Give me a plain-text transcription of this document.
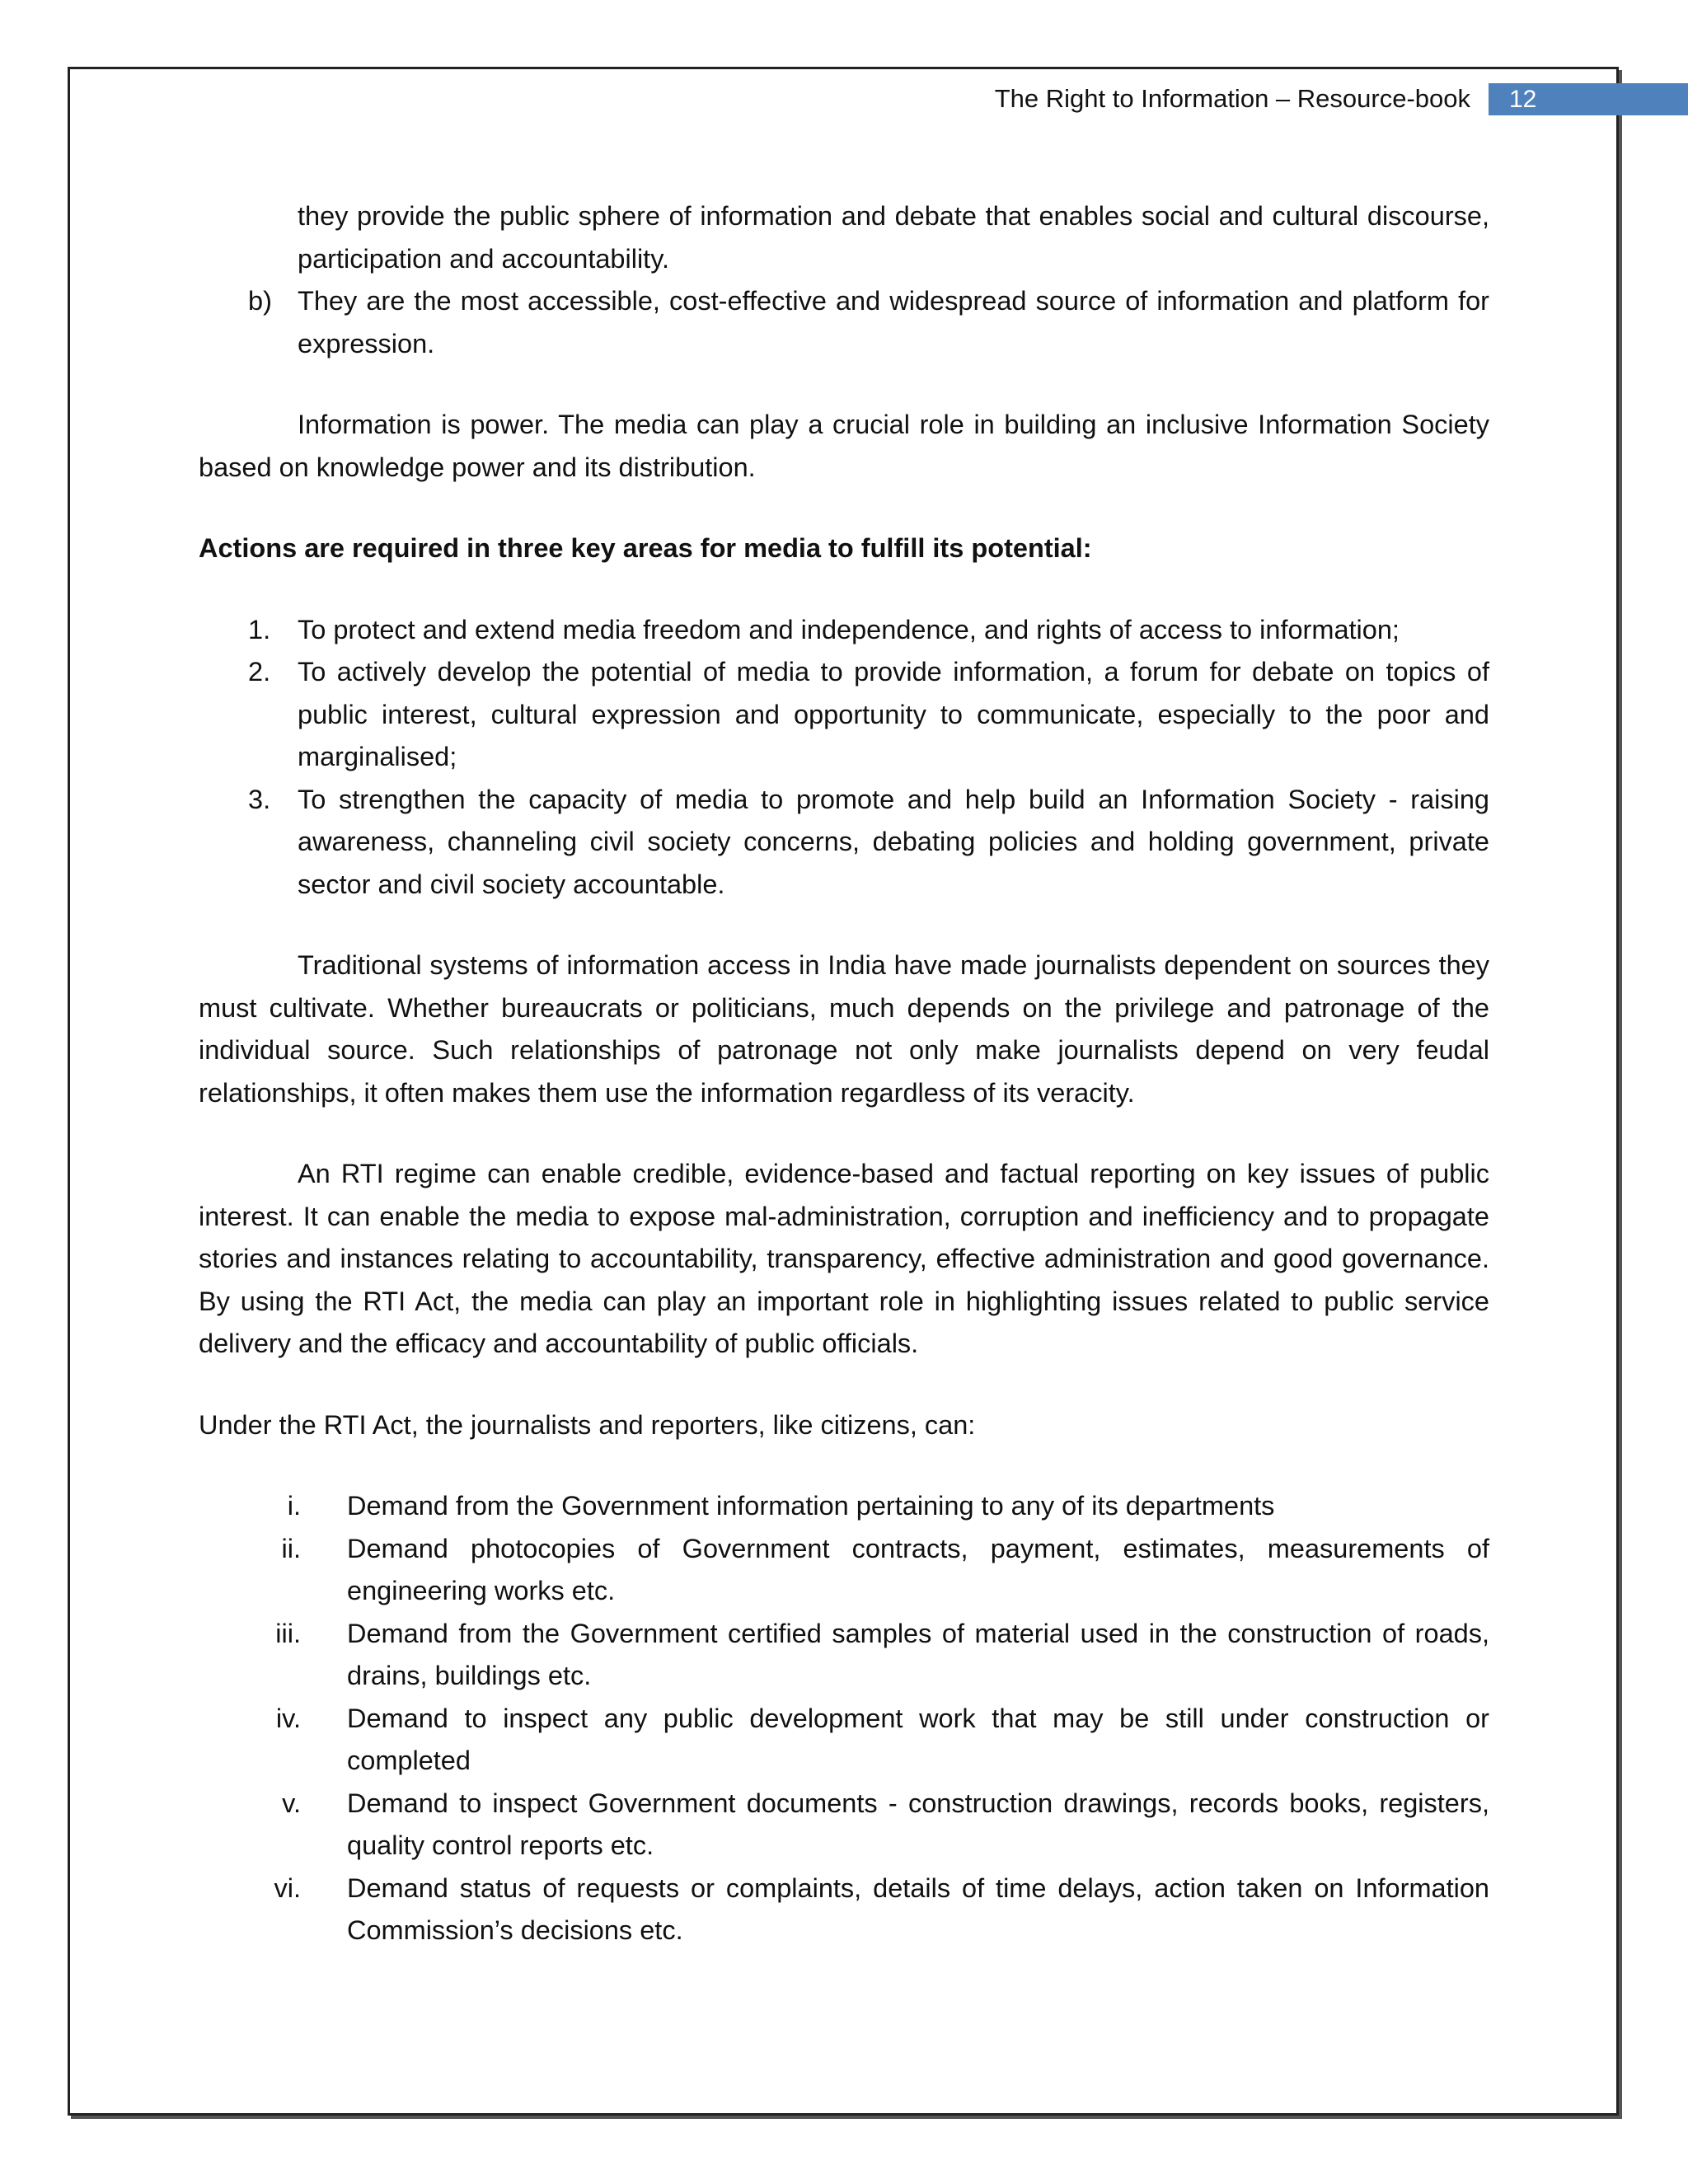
The Right to Information – Resource-book	12

they provide the public sphere of information and debate that enables social and cultural discourse, participation and accountability.

b) They are the most accessible, cost-effective and widespread source of information and platform for expression.

Information is power. The media can play a crucial role in building an inclusive Information Society based on knowledge power and its distribution.

Actions are required in three key areas for media to fulfill its potential:

1. To protect and extend media freedom and independence, and rights of access to information;
2. To actively develop the potential of media to provide information, a forum for debate on topics of public interest, cultural expression and opportunity to communicate, especially to the poor and marginalised;
3. To strengthen the capacity of media to promote and help build an Information Society - raising awareness, channeling civil society concerns, debating policies and holding government, private sector and civil society accountable.

Traditional systems of information access in India have made journalists dependent on sources they must cultivate. Whether bureaucrats or politicians, much depends on the privilege and patronage of the individual source. Such relationships of patronage not only make journalists depend on very feudal relationships, it often makes them use the information regardless of its veracity.

An RTI regime can enable credible, evidence-based and factual reporting on key issues of public interest. It can enable the media to expose mal-administration, corruption and inefficiency and to propagate stories and instances relating to accountability, transparency, effective administration and good governance. By using the RTI Act, the media can play an important role in highlighting issues related to public service delivery and the efficacy and accountability of public officials.

Under the RTI Act, the journalists and reporters, like citizens, can:

i. Demand from the Government information pertaining to any of its departments
ii. Demand photocopies of Government contracts, payment, estimates, measurements of engineering works etc.
iii. Demand from the Government certified samples of material used in the construction of roads, drains, buildings etc.
iv. Demand to inspect any public development work that may be still under construction or completed
v. Demand to inspect Government documents - construction drawings, records books, registers, quality control reports etc.
vi. Demand status of requests or complaints, details of time delays, action taken on Information Commission’s decisions etc.
